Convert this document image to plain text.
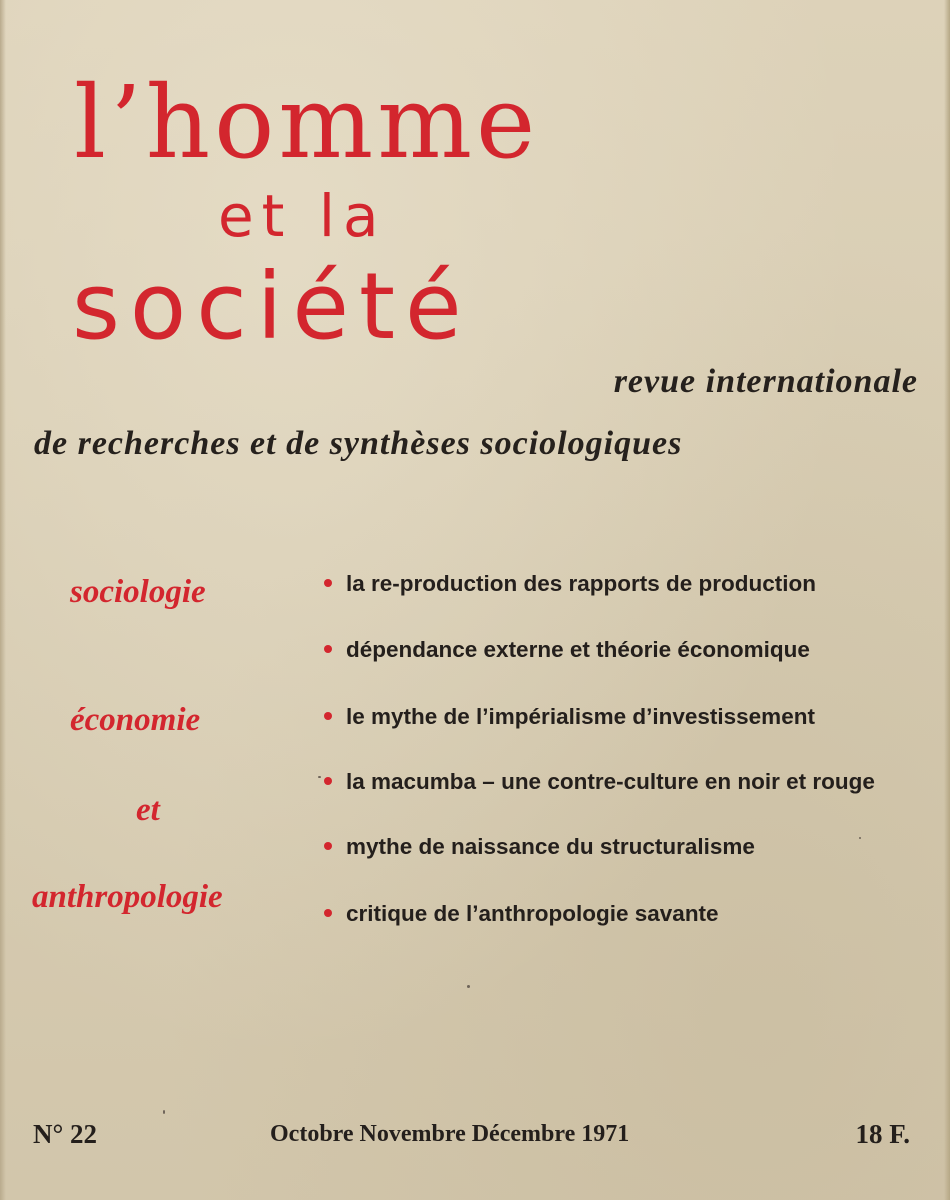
l’homme
et la
société

revue internationale

de recherches et de synthèses sociologiques

sociologie

économie

et

anthropologie

la re-production des rapports de production
dépendance externe et théorie économique
le mythe de l’impérialisme d’investissement
la macumba – une contre-culture en noir et rouge
mythe de naissance du structuralisme
critique de l’anthropologie savante

N° 22	Octobre Novembre Décembre 1971	18 F.
